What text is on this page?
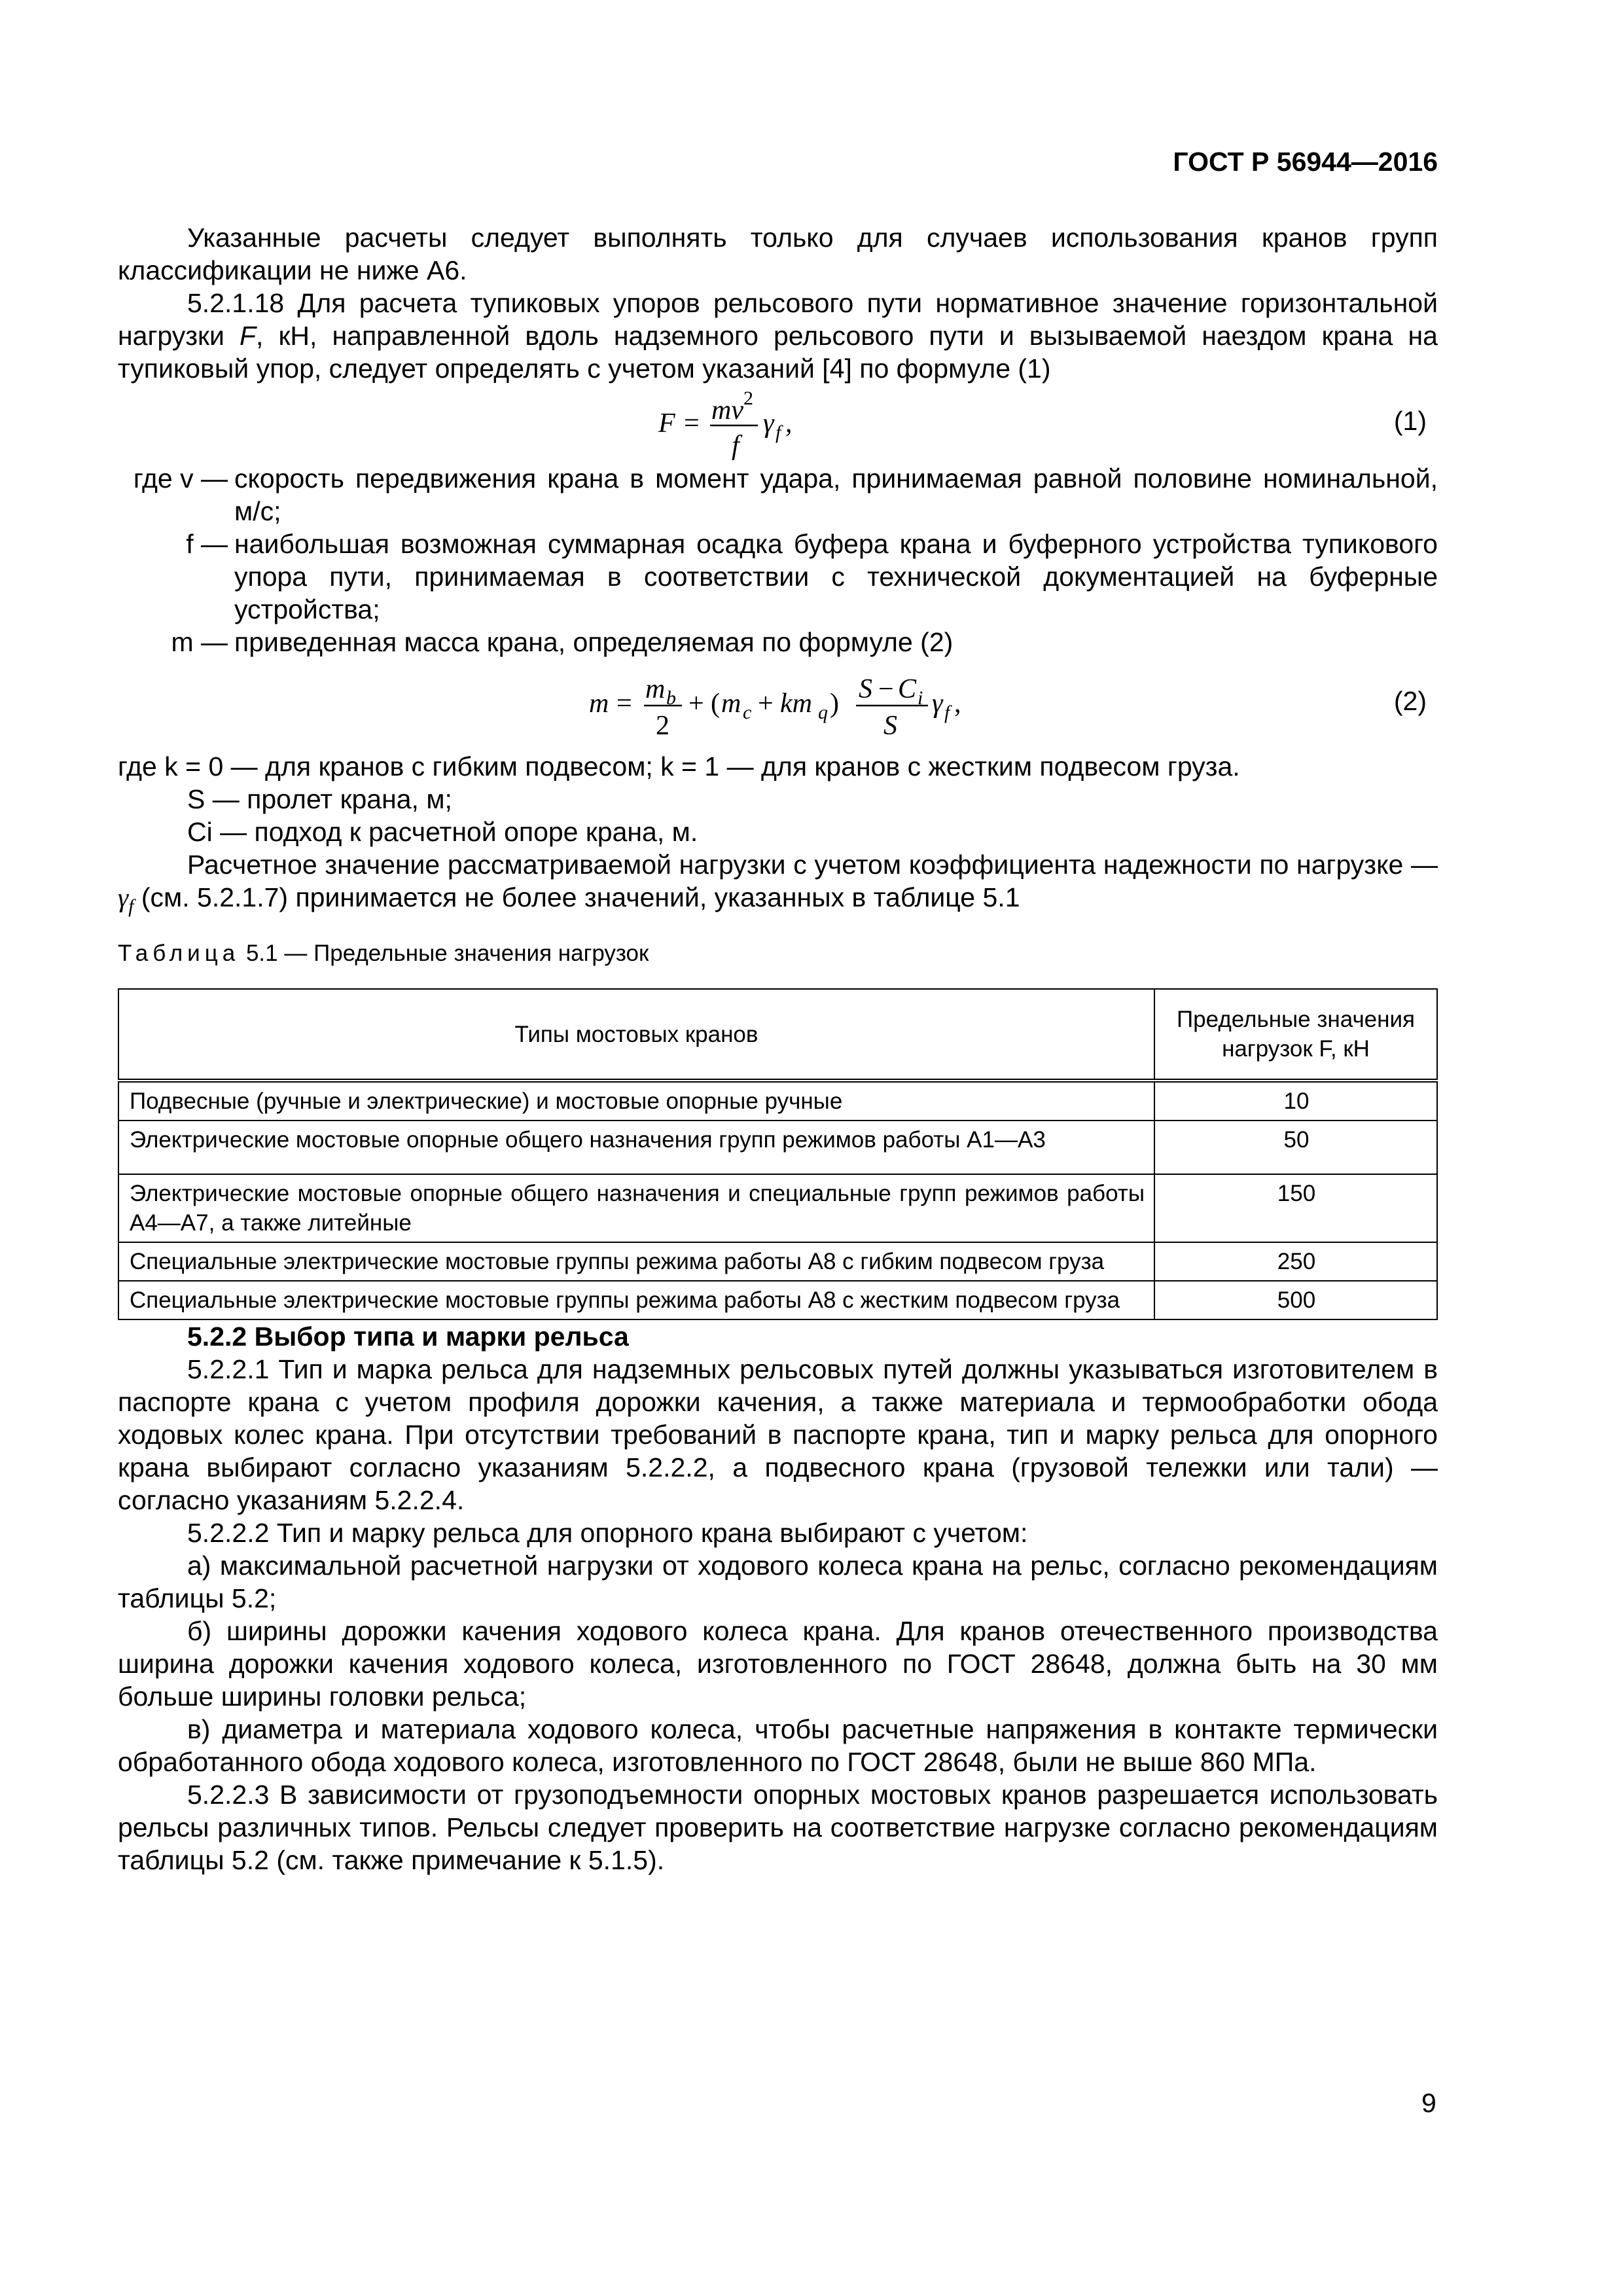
ГОСТ Р 56944—2016

Указанные расчеты следует выполнять только для случаев использования кранов групп классификации не ниже А6.

5.2.1.18 Для расчета тупиковых упоров рельсового пути нормативное значение горизонтальной нагрузки F, кН, направленной вдоль надземного рельсового пути и вызываемой наездом крана на тупиковый упор, следует определять с учетом указаний [4] по формуле (1)

F = mv 2
f
γ f ,	(1)
где v — скорость передвижения крана в момент удара, принимаемая равной половине номинальной, м/с;
f — наибольшая возможная суммарная осадка буфера крана и буферного устройства тупикового упора пути, принимаемая в соответствии с технической документацией на буферные устройства;
m — приведенная масса крана, определяемая по формуле (2)
m = m b
2
+ ( m c + km q ) S − C i
S
γ f ,	(2)

где k = 0 — для кранов с гибким подвесом; k = 1 — для кранов с жестким подвесом груза.

S — пролет крана, м;

Ci — подход к расчетной опоре крана, м.

Расчетное значение рассматриваемой нагрузки с учетом коэффициента надежности по нагрузке — $\gamma_f$ (см. 5.2.1.7) принимается не более значений, указанных в таблице 5.1

Таблица 5.1 — Предельные значения нагрузок
Типы мостовых кранов	Предельные значения нагрузок F, кН
Подвесные (ручные и электрические) и мостовые опорные ручные	10
Электрические мостовые опорные общего назначения групп режимов работы А1—А3	50
Электрические мостовые опорные общего назначения и специальные групп режимов работы А4—А7, а также литейные	150
Специальные электрические мостовые группы режима работы А8 с гибким подвесом груза	250
Специальные электрические мостовые группы режима работы А8 с жестким подвесом груза	500

5.2.2 Выбор типа и марки рельса

5.2.2.1 Тип и марка рельса для надземных рельсовых путей должны указываться изготовителем в паспорте крана с учетом профиля дорожки качения, а также материала и термообработки обода ходовых колес крана. При отсутствии требований в паспорте крана, тип и марку рельса для опорного крана выбирают согласно указаниям 5.2.2.2, а подвесного крана (грузовой тележки или тали) — согласно указаниям 5.2.2.4.

5.2.2.2 Тип и марку рельса для опорного крана выбирают с учетом:

а) максимальной расчетной нагрузки от ходового колеса крана на рельс, согласно рекомендациям таблицы 5.2;

б) ширины дорожки качения ходового колеса крана. Для кранов отечественного производства ширина дорожки качения ходового колеса, изготовленного по ГОСТ 28648, должна быть на 30 мм больше ширины головки рельса;

в) диаметра и материала ходового колеса, чтобы расчетные напряжения в контакте термически обработанного обода ходового колеса, изготовленного по ГОСТ 28648, были не выше 860 МПа.

5.2.2.3 В зависимости от грузоподъемности опорных мостовых кранов разрешается использовать рельсы различных типов. Рельсы следует проверить на соответствие нагрузке согласно рекомендациям таблицы 5.2 (см. также примечание к 5.1.5).

9
